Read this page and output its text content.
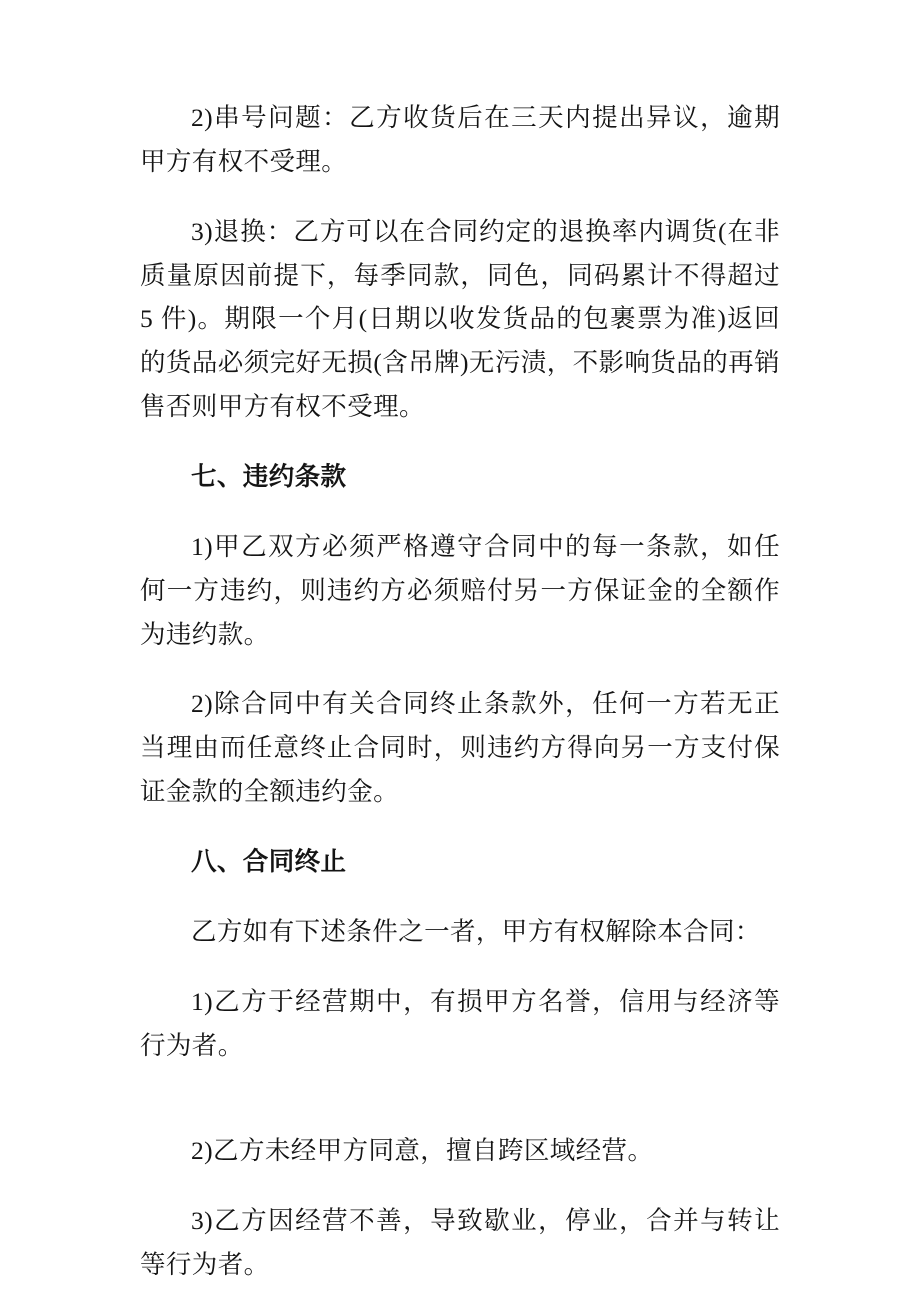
2)串号问题：乙方收货后在三天内提出异议，逾期甲方有权不受理。

3)退换：乙方可以在合同约定的退换率内调货(在非质量原因前提下，每季同款，同色，同码累计不得超过 5 件)。期限一个月(日期以收发货品的包裹票为准)返回的货品必须完好无损(含吊牌)无污渍，不影响货品的再销售否则甲方有权不受理。

七、违约条款

1)甲乙双方必须严格遵守合同中的每一条款，如任何一方违约，则违约方必须赔付另一方保证金的全额作为违约款。

2)除合同中有关合同终止条款外，任何一方若无正当理由而任意终止合同时，则违约方得向另一方支付保证金款的全额违约金。

八、合同终止

乙方如有下述条件之一者，甲方有权解除本合同：

1)乙方于经营期中，有损甲方名誉，信用与经济等行为者。

2)乙方未经甲方同意，擅自跨区域经营。

3)乙方因经营不善，导致歇业，停业，合并与转让等行为者。
